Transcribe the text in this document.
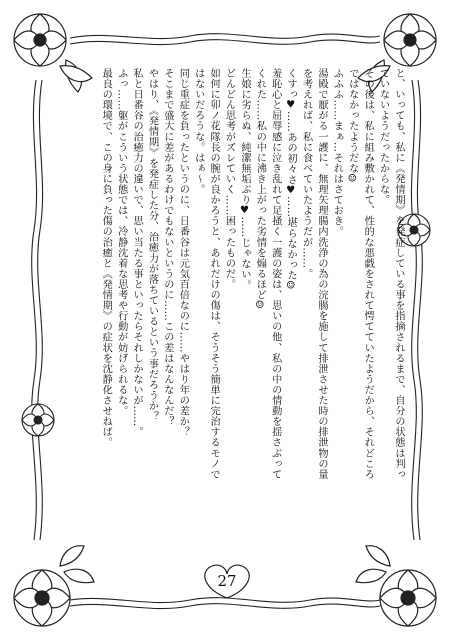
と、いっても、私に《発情期》を発症している事を指摘されるまで、自分の状態は判っ
ていないようだったからな。
その後は、私に組み敷かれて、性的な悪戯をされて愕てていたようだから、それどころ
ではなかったようだな☺
ふふふ……まぁ…それはさておき。
湯殿で厭がる一護に、無理矢理腸内洗浄の為の浣腸を施して排泄させた時の排泄物の量
を考えれば、私に食べていたようだが……。
くすっ♥……あの初々さ♥……堪らなかった☺
羞恥心と屈辱感に泣き乱れて足掻く一護の姿は、思いの他、私の中の情動を揺さぶって
くれた……私の中に沸き上がった劣情を煽るほど☺
生娘に劣らぬ、純潔無垢ぶり♥……じゃない。
どんどん思考がズレていく……困ったものだ。
如何に卯ノ花隊長の腕が良かろうと、あれだけの傷は、そうそう簡単に完治するモノで
はないだろうな。はぁ～。
同じ重症を負ったというのに、日番谷は元気百倍なのに……やはり年の差か？
そこまで盛大に差があるわけでもないというのに……この差はなんなんだ？
やはり、《発情期》を発症した分、治癒力が落ちているという事だろうか？
私と日番谷の治癒力の違いで、思い当たる事といったらそれしかないが……。
ふっ……躯がこういう状態では、冷静沈着な思考や行動が妨げられるな。
最良の環境で、この身に負った傷の治癒と《発情期》の症状を沈静化させねば。
27
